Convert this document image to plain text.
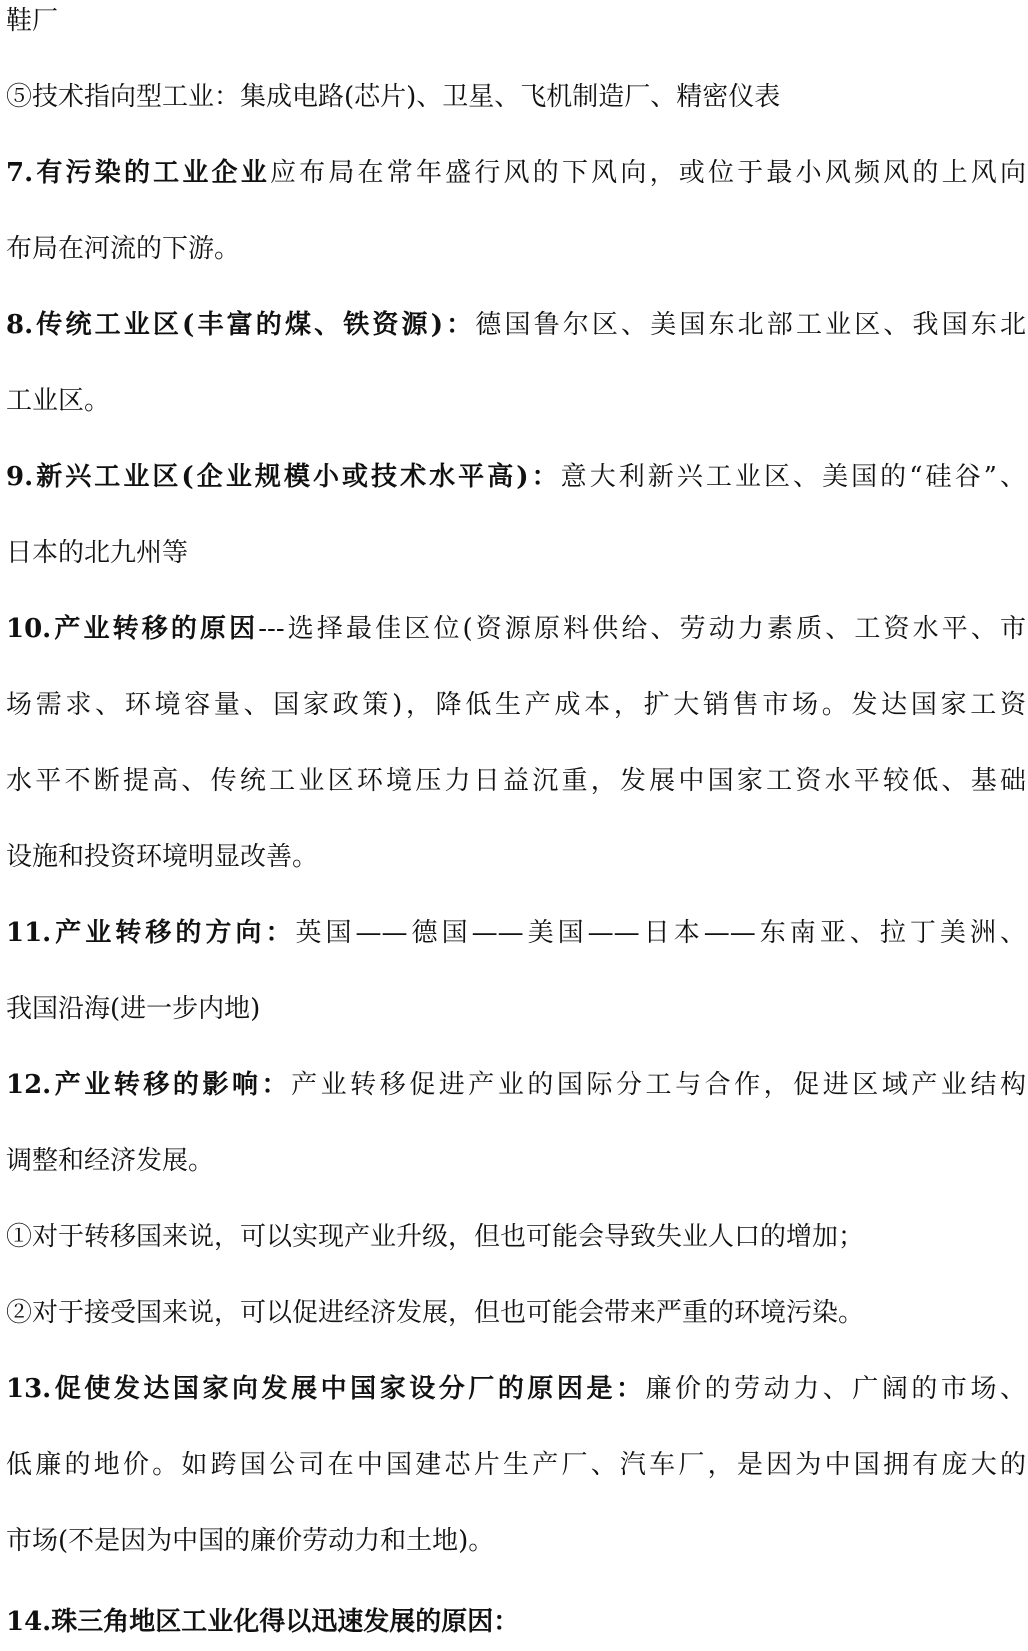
鞋厂
⑤技术指向型工业：集成电路(芯片)、卫星、飞机制造厂、精密仪表
7.有污染的工业企业应布局在常年盛行风的下风向，或位于最小风频风的上风向
布局在河流的下游。
8.传统工业区(丰富的煤、铁资源)：德国鲁尔区、美国东北部工业区、我国东北
工业区。
9.新兴工业区(企业规模小或技术水平高)：意大利新兴工业区、美国的“硅谷”、
日本的北九州等
10.产业转移的原因---选择最佳区位(资源原料供给、劳动力素质、工资水平、市
场需求、环境容量、国家政策)，降低生产成本，扩大销售市场。发达国家工资
水平不断提高、传统工业区环境压力日益沉重，发展中国家工资水平较低、基础
设施和投资环境明显改善。
11.产业转移的方向：英国——德国——美国——日本——东南亚、拉丁美洲、
我国沿海(进一步内地)
12.产业转移的影响：产业转移促进产业的国际分工与合作，促进区域产业结构
调整和经济发展。
①对于转移国来说，可以实现产业升级，但也可能会导致失业人口的增加；
②对于接受国来说，可以促进经济发展，但也可能会带来严重的环境污染。
13.促使发达国家向发展中国家设分厂的原因是：廉价的劳动力、广阔的市场、
低廉的地价。如跨国公司在中国建芯片生产厂、汽车厂，是因为中国拥有庞大的
市场(不是因为中国的廉价劳动力和土地)。
14.珠三角地区工业化得以迅速发展的原因：
